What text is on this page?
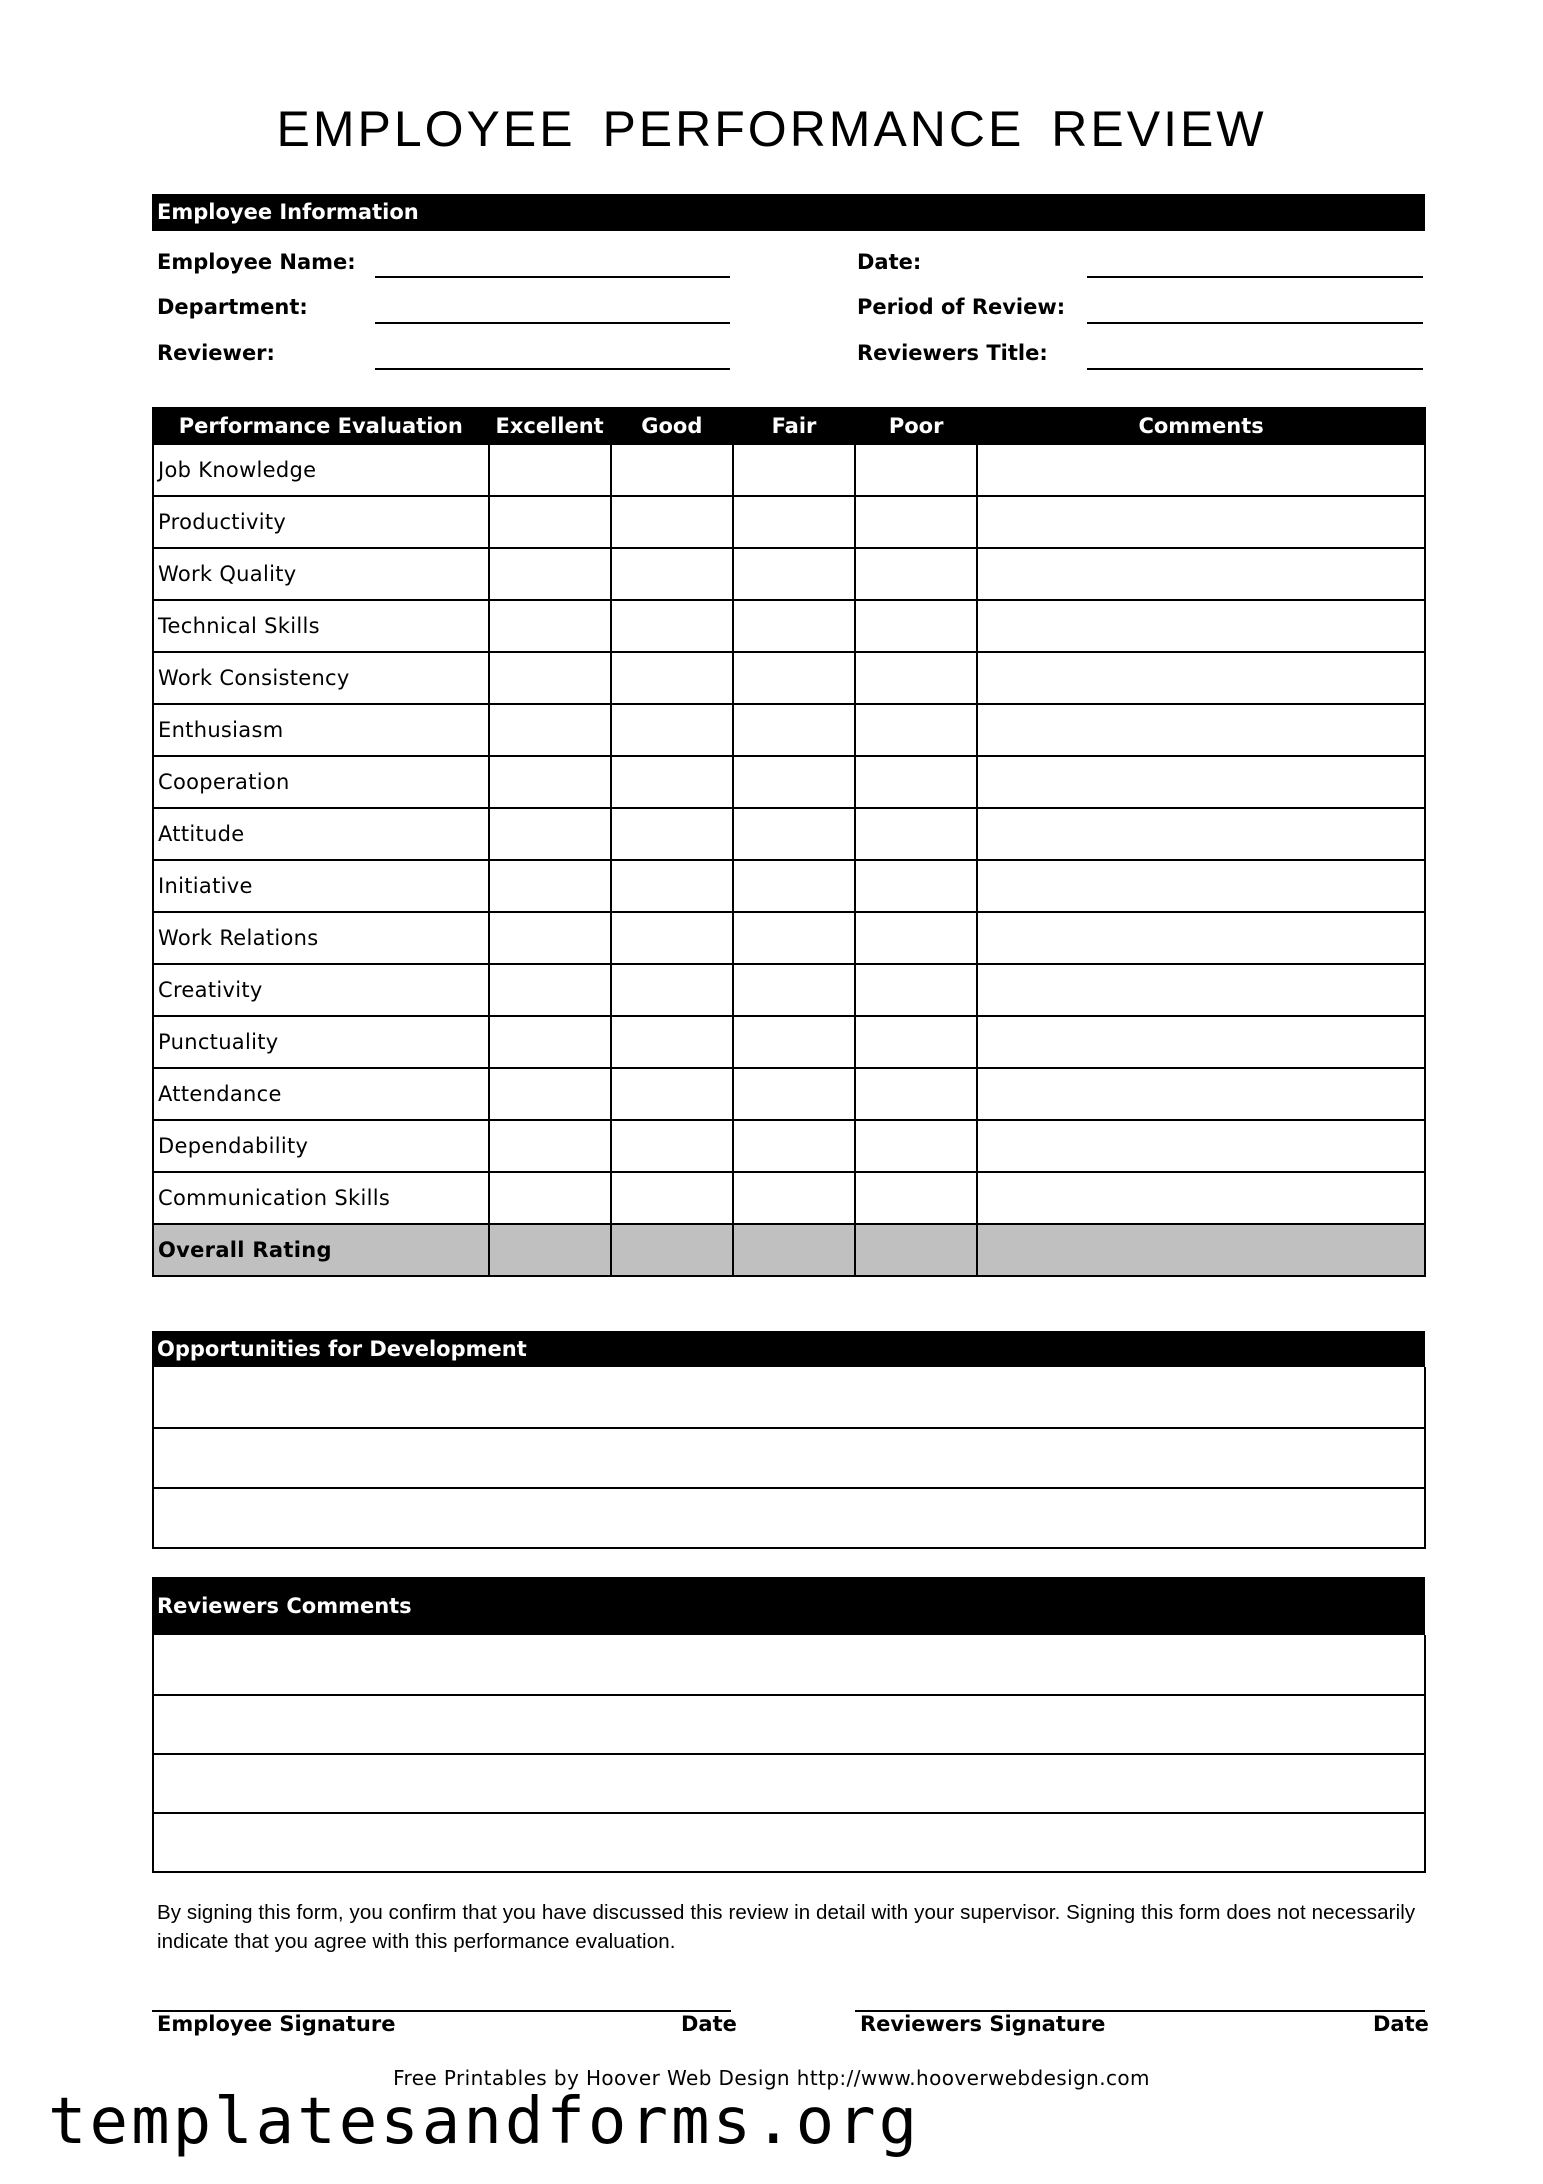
EMPLOYEE PERFORMANCE REVIEW
Employee Information
Employee Name:	Date:
Department:	Period of Review:
Reviewer:	Reviewers Title:
Performance Evaluation	Excellent	Good	Fair	Poor	Comments
Job Knowledge					
Productivity					
Work Quality					
Technical Skills					
Work Consistency					
Enthusiasm					
Cooperation					
Attitude					
Initiative					
Work Relations					
Creativity					
Punctuality					
Attendance					
Dependability					
Communication Skills					
Overall Rating					
Opportunities for Development
Reviewers Comments
By signing this form, you confirm that you have discussed this review in detail with your supervisor. Signing this form does not necessarily indicate that you agree with this performance evaluation.
Employee Signature	Date	Reviewers Signature	Date
Free Printables by Hoover Web Design http://www.hooverwebdesign.com
templatesandforms.org
